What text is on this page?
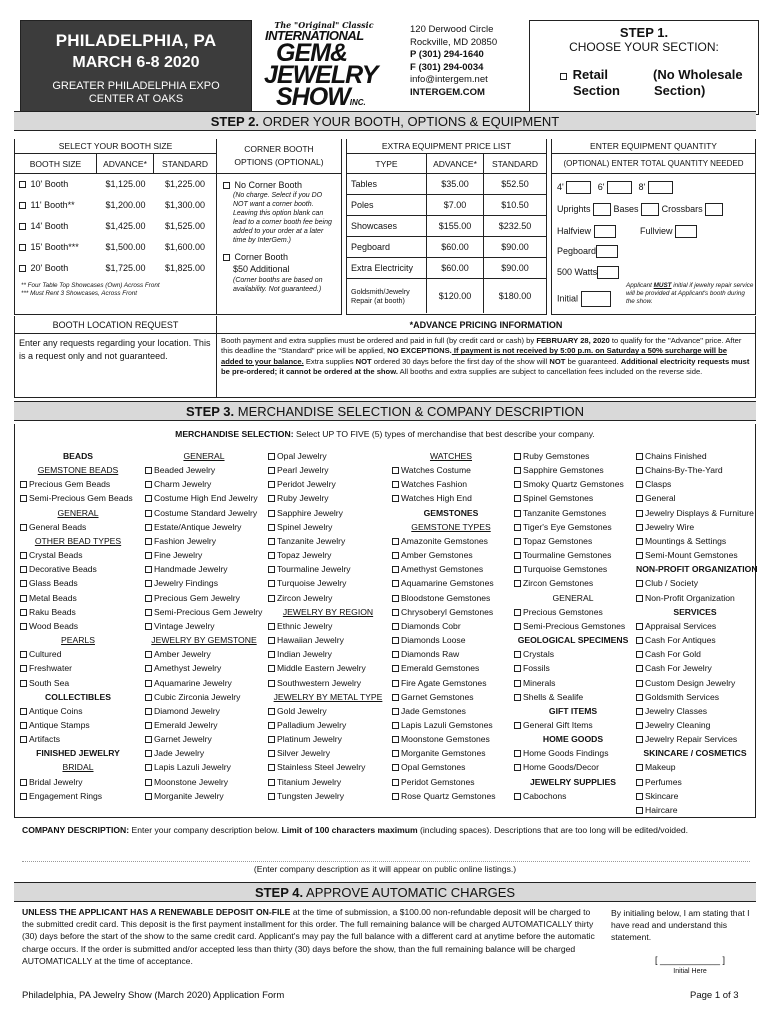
PHILADELPHIA, PA
MARCH 6-8 2020
GREATER PHILADELPHIA EXPO
CENTER AT OAKS
The "Original" Classic
INTERNATIONAL
GEM&
JEWELRY
SHOWINC.
120 Derwood Circle
Rockville, MD 20850
P (301) 294-1640
F (301) 294-0034
info@intergem.net
INTERGEM.COM
STEP 1.
CHOOSE YOUR SECTION:
Retail
Section
(No Wholesale
Section)
STEP 2. ORDER YOUR BOOTH, OPTIONS & EQUIPMENT
SELECT YOUR BOOTH SIZE
BOOTH SIZE	ADVANCE*	STANDARD
10' Booth	$1,125.00	$1,225.00
11' Booth**	$1,200.00	$1,300.00
14' Booth	$1,425.00	$1,525.00
15' Booth***	$1,500.00	$1,600.00
20' Booth	$1,725.00	$1,825.00
** Four Table Top Showcases (Own) Across Front
*** Must Rent 3 Showcases, Across Front
CORNER BOOTH
OPTIONS (OPTIONAL)
No Corner Booth
(No charge. Select if you DO NOT want a corner booth. Leaving this option blank can lead to a corner booth fee being added to your order at a later time by InterGem.)
Corner Booth
$50 Additional
(Corner booths are based on availability. Not guaranteed.)
EXTRA EQUIPMENT PRICE LIST
TYPE	ADVANCE*	STANDARD
Tables	$35.00	$52.50
Poles	$7.00	$10.50
Showcases	$155.00	$232.50
Pegboard	$60.00	$90.00
Extra Electricity	$60.00	$90.00
Goldsmith/Jewelry Repair (at booth)	$120.00	$180.00
ENTER EQUIPMENT QUANTITY
(OPTIONAL) ENTER TOTAL QUANTITY NEEDED
4'	6'	8'
Uprights	Bases	Crossbars
Halfview	Fullview
Pegboard
500 Watts
Initial
Applicant MUST initial if jewelry repair service will be provided at Applicant's booth during the show.
BOOTH LOCATION REQUEST
Enter any requests regarding your location. This is a request only and not guaranteed.
*ADVANCE PRICING INFORMATION
Booth payment and extra supplies must be ordered and paid in full (by credit card or cash) by FEBRUARY 28, 2020 to qualify for the "Advance" price. After this deadline the "Standard" price will be applied, NO EXCEPTIONS. If payment is not received by 5:00 p.m. on Saturday a 50% surcharge will be added to your balance. Extra supplies NOT ordered 30 days before the first day of the show will NOT be guaranteed. Additional electricity requests must be pre-ordered; it cannot be ordered at the show. All booths and extra supplies are subject to cancellation fees included on the reverse side.
STEP 3. MERCHANDISE SELECTION & COMPANY DESCRIPTION
MERCHANDISE SELECTION: Select UP TO FIVE (5) types of merchandise that best describe your company.
BEADS
GEMSTONE BEADS
Precious Gem Beads
Semi-Precious Gem Beads
GENERAL
General Beads
OTHER BEAD TYPES
Crystal Beads
Decorative Beads
Glass Beads
Metal Beads
Raku Beads
Wood Beads
PEARLS
Cultured
Freshwater
South Sea
COLLECTIBLES
Antique Coins
Antique Stamps
Artifacts
FINISHED JEWELRY
BRIDAL
Bridal Jewelry
Engagement Rings
GENERAL
Beaded Jewelry
Charm Jewelry
Costume High End Jewelry
Costume Standard Jewelry
Estate/Antique Jewelry
Fashion Jewelry
Fine Jewelry
Handmade Jewelry
Jewelry Findings
Precious Gem Jewelry
Semi-Precious Gem Jewelry
Vintage Jewelry
JEWELRY BY GEMSTONE
Amber Jewelry
Amethyst Jewelry
Aquamarine Jewelry
Cubic Zirconia Jewelry
Diamond Jewelry
Emerald Jewelry
Garnet Jewelry
Jade Jewelry
Lapis Lazuli Jewelry
Moonstone Jewelry
Morganite Jewelry
Opal Jewelry
Pearl Jewelry
Peridot Jewelry
Ruby Jewelry
Sapphire Jewelry
Spinel Jewelry
Tanzanite Jewelry
Topaz Jewelry
Tourmaline Jewelry
Turquoise Jewelry
Zircon Jewelry
JEWELRY BY REGION
Ethnic Jewelry
Hawaiian Jewelry
Indian Jewelry
Middle Eastern Jewelry
Southwestern Jewelry
JEWELRY BY METAL TYPE
Gold Jewelry
Palladium Jewelry
Platinum Jewelry
Silver Jewelry
Stainless Steel Jewelry
Titanium Jewelry
Tungsten Jewelry
WATCHES
Watches Costume
Watches Fashion
Watches High End
GEMSTONES
GEMSTONE TYPES
Amazonite Gemstones
Amber Gemstones
Amethyst Gemstones
Aquamarine Gemstones
Bloodstone Gemstones
Chrysoberyl Gemstones
Diamonds Cobr
Diamonds Loose
Diamonds Raw
Emerald Gemstones
Fire Agate Gemstones
Garnet Gemstones
Jade Gemstones
Lapis Lazuli Gemstones
Moonstone Gemstones
Morganite Gemstones
Opal Gemstones
Peridot Gemstones
Rose Quartz Gemstones
Ruby Gemstones
Sapphire Gemstones
Smoky Quartz Gemstones
Spinel Gemstones
Tanzanite Gemstones
Tiger's Eye Gemstones
Topaz Gemstones
Tourmaline Gemstones
Turquoise Gemstones
Zircon Gemstones
GENERAL
Precious Gemstones
Semi-Precious Gemstones
GEOLOGICAL SPECIMENS
Crystals
Fossils
Minerals
Shells & Sealife
GIFT ITEMS
General Gift Items
HOME GOODS
Home Goods Findings
Home Goods/Decor
JEWELRY SUPPLIES
Cabochons
Chains Finished
Chains-By-The-Yard
Clasps
General
Jewelry Displays & Furniture
Jewelry Wire
Mountings & Settings
Semi-Mount Gemstones
NON-PROFIT ORGANIZATION
Club / Society
Non-Profit Organization
SERVICES
Appraisal Services
Cash For Antiques
Cash For Gold
Cash For Jewelry
Custom Design Jewelry
Goldsmith Services
Jewelry Classes
Jewelry Cleaning
Jewelry Repair Services
SKINCARE / COSMETICS
Makeup
Perfumes
Skincare
Haircare
COMPANY DESCRIPTION: Enter your company description below. Limit of 100 characters maximum (including spaces). Descriptions that are too long will be edited/voided.
(Enter company description as it will appear on public online listings.)
STEP 4. APPROVE AUTOMATIC CHARGES
UNLESS THE APPLICANT HAS A RENEWABLE DEPOSIT ON-FILE at the time of submission, a $100.00 non-refundable deposit will be charged to the submitted credit card. This deposit is the first payment installment for this order. The full remaining balance will be charged AUTOMATICALLY thirty (30) days before the start of the show to the same credit card. Applicant's may pay the full balance with a different card at anytime before the automatic charge occurs. If the order is submitted and/or accepted less than thirty (30) days before the show, than the full remaining balance will be charged AUTOMATICALLY at the time of acceptance.
By initialing below, I am stating that I have read and understand this statement.
[ ____________ ]
Initial Here
Philadelphia, PA Jewelry Show (March 2020) Application Form	Page 1 of 3
